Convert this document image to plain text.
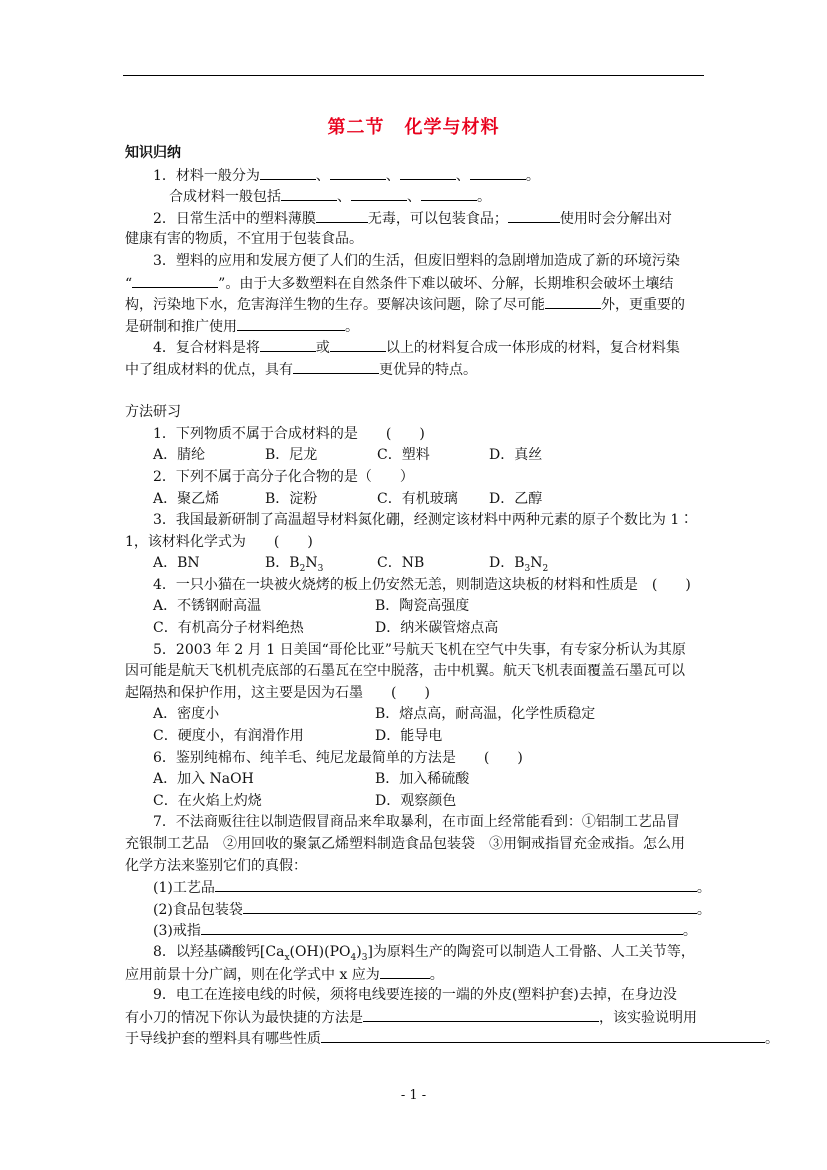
第二节 化学与材料
知识归纳
1．材料一般分为	、	、	、	。
合成材料一般包括	、	、	。
2．日常生活中的塑料薄膜	无毒，可以包装食品；	使用时会分解出对
健康有害的物质，不宜用于包装食品。
3．塑料的应用和发展方便了人们的生活，但废旧塑料的急剧增加造成了新的环境污染
“	”。由于大多数塑料在自然条件下难以破坏、分解，长期堆积会破坏土壤结
构，污染地下水，危害海洋生物的生存。要解决该问题，除了尽可能	外，更重要的
是研制和推广使用	。
4．复合材料是将	或	以上的材料复合成一体形成的材料，复合材料集
中了组成材料的优点，具有	更优异的特点。
方法研习
1．下列物质不属于合成材料的是　　(　　)
A．腈纶	B．尼龙	C．塑料	D．真丝
2．下列不属于高分子化合物的是（　　）
A．聚乙烯	B．淀粉	C．有机玻璃	D．乙醇
3．我国最新研制了高温超导材料氮化硼，经测定该材料中两种元素的原子个数比为 1∶
1，该材料化学式为　　(　　)
A．BN	B．$B_2N_3$	C．NB	D．$B_3N_2$
4．一只小猫在一块被火烧烤的板上仍安然无恙，则制造这块板的材料和性质是　(　　)
A．不锈钢耐高温	B．陶瓷高强度
C．有机高分子材料绝热	D．纳米碳管熔点高
5．2003 年 2 月 1 日美国“哥伦比亚”号航天飞机在空气中失事，有专家分析认为其原
因可能是航天飞机机壳底部的石墨瓦在空中脱落，击中机翼。航天飞机表面覆盖石墨瓦可以
起隔热和保护作用，这主要是因为石墨　　(　　)
A．密度小	B．熔点高，耐高温，化学性质稳定
C．硬度小，有润滑作用	D．能导电
6．鉴别纯棉布、纯羊毛、纯尼龙最简单的方法是　　(　　)
A．加入 NaOH	B．加入稀硫酸
C．在火焰上灼烧	D．观察颜色
7．不法商贩往往以制造假冒商品来牟取暴利，在市面上经常能看到：①铝制工艺品冒
充银制工艺品　②用回收的聚氯乙烯塑料制造食品包装袋　③用铜戒指冒充金戒指。怎么用
化学方法来鉴别它们的真假：
(1)工艺品	。
(2)食品包装袋	。
(3)戒指	。
8．以羟基磷酸钙$[Ca_x(OH)(PO_4)_3]$为原料生产的陶瓷可以制造人工骨骼、人工关节等，
应用前景十分广阔，则在化学式中 x 应为	。
9．电工在连接电线的时候，须将电线要连接的一端的外皮(塑料护套)去掉，在身边没
有小刀的情况下你认为最快捷的方法是	，该实验说明用
于导线护套的塑料具有哪些性质	。
- 1 -
